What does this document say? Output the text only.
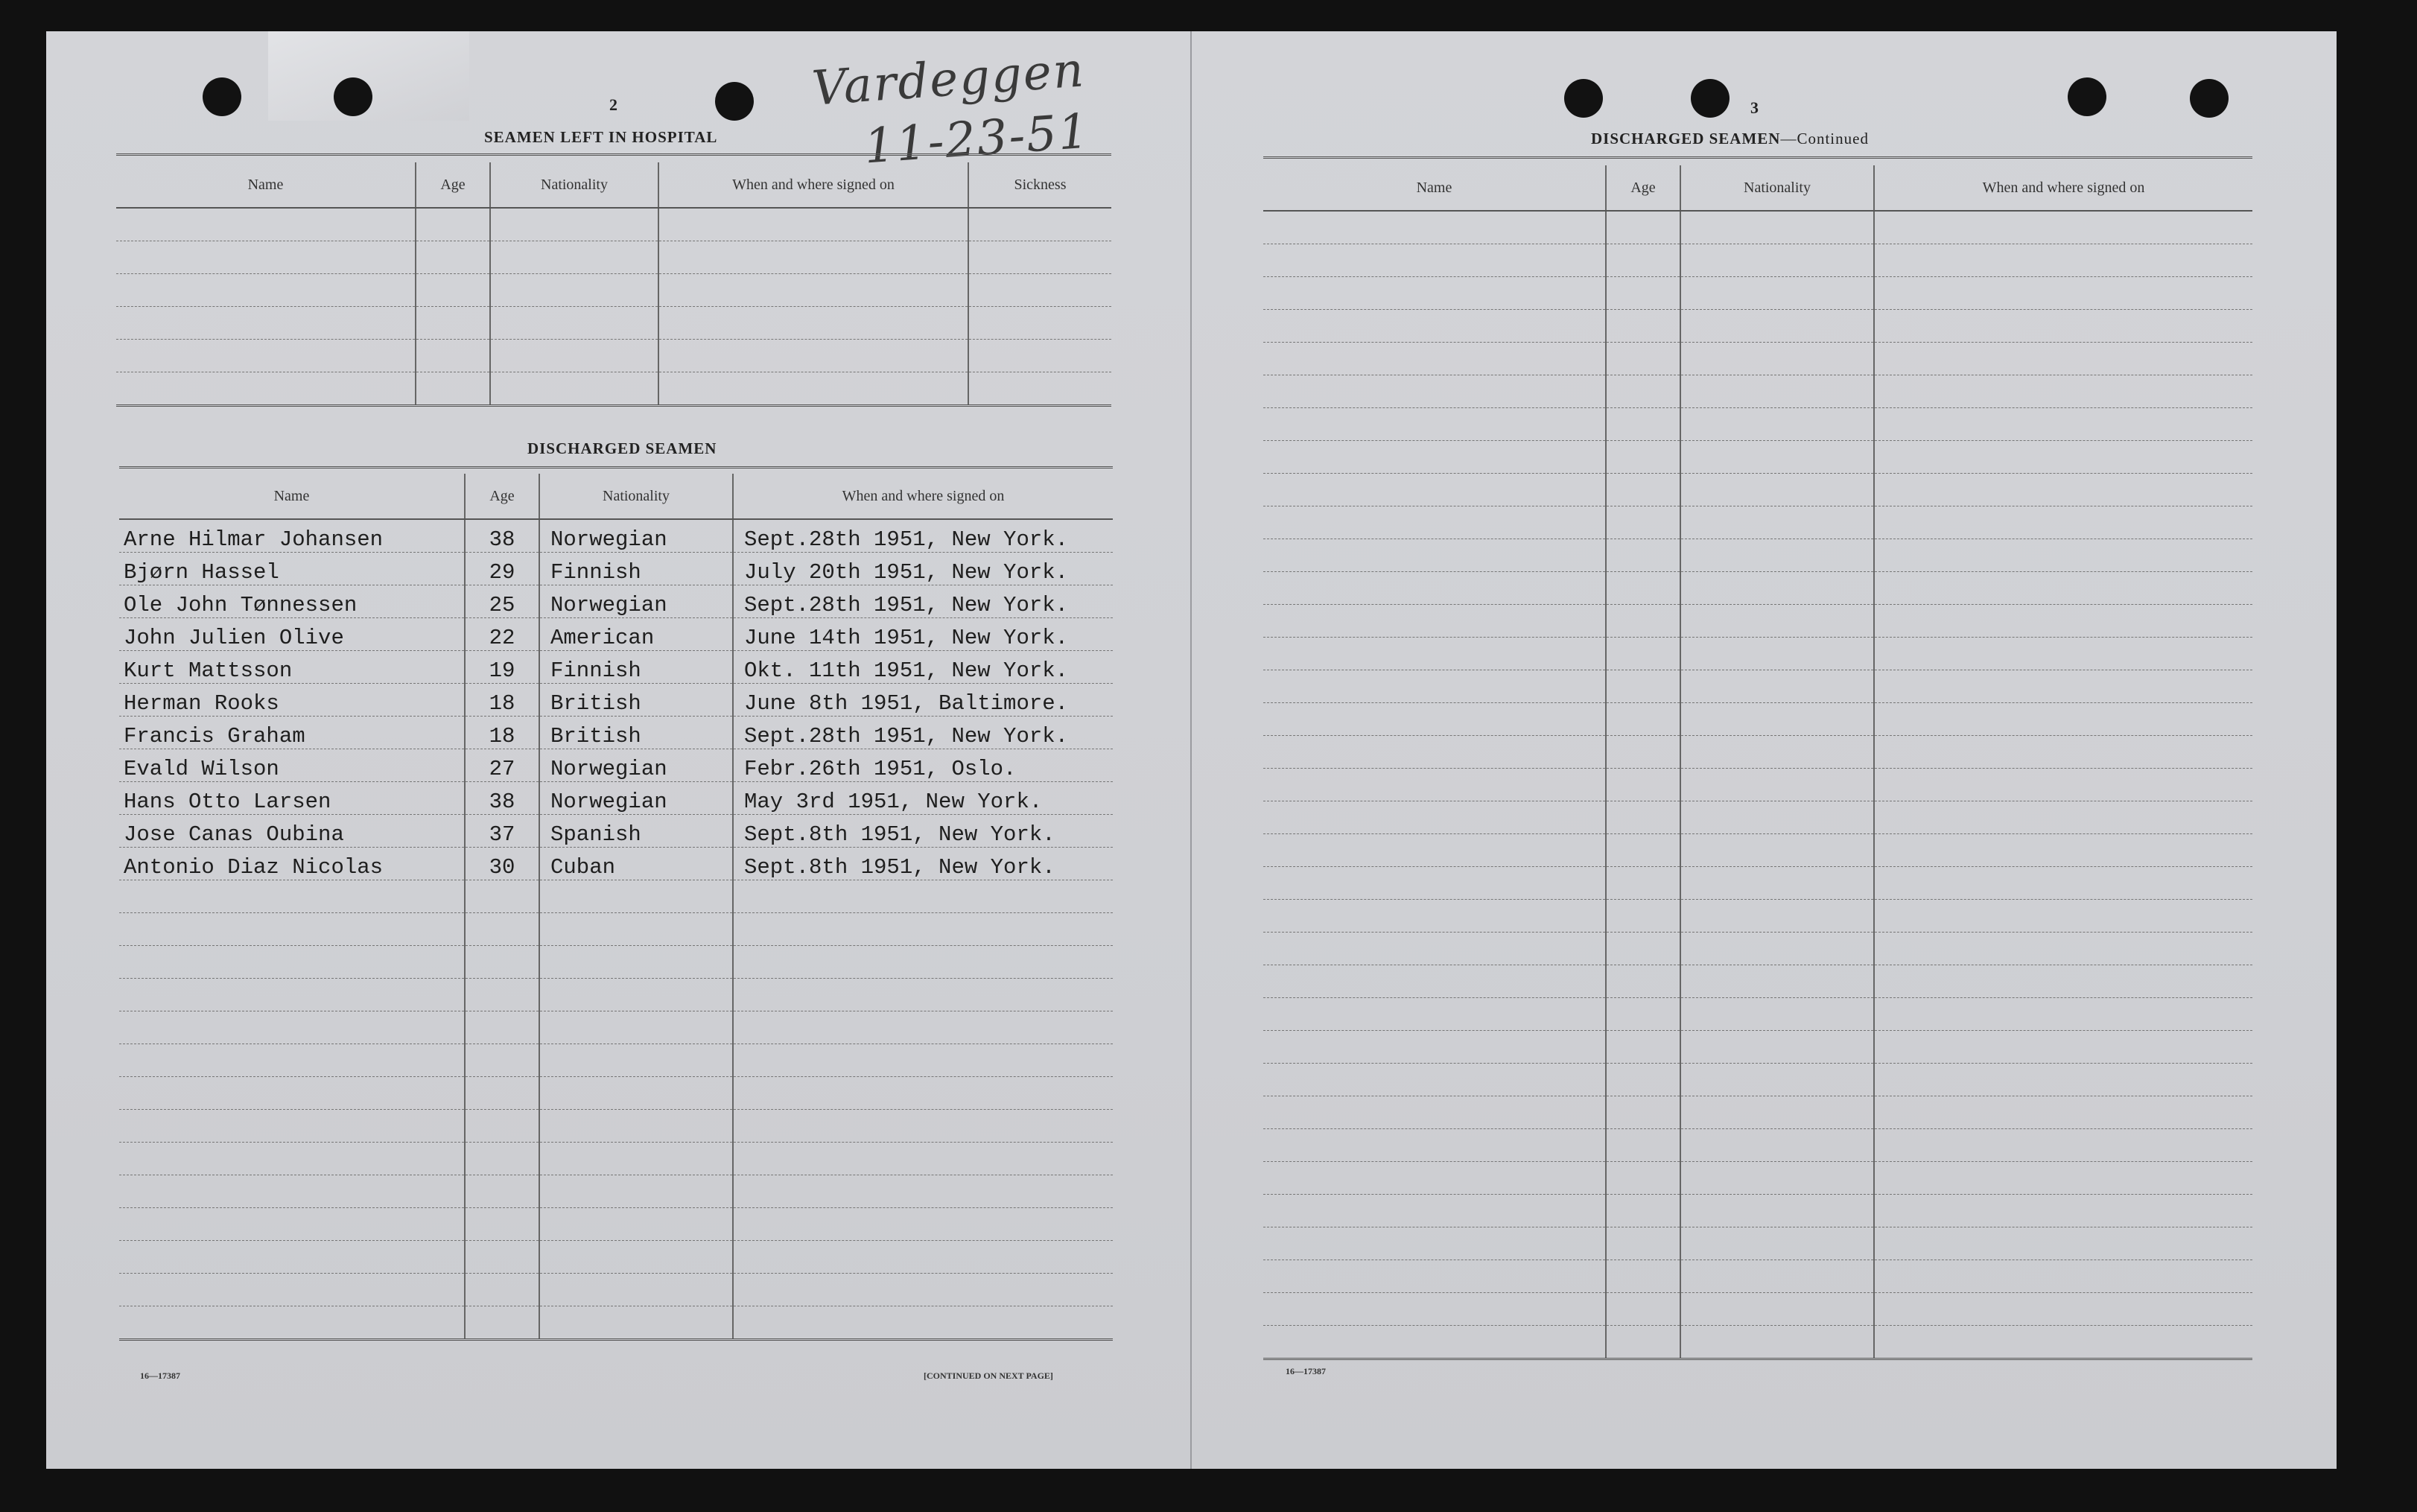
2	Vardeggen
11-23-51
SEAMEN LEFT IN HOSPITAL
Name	Age	Nationality	When and where signed on	Sickness

DISCHARGED SEAMEN
Name	Age	Nationality	When and where signed on
Arne Hilmar Johansen	38	Norwegian	Sept.28th 1951, New York.
Bjørn Hassel	29	Finnish	July 20th 1951, New York.
Ole John Tønnessen	25	Norwegian	Sept.28th 1951, New York.
John Julien Olive	22	American	June 14th 1951, New York.
Kurt Mattsson	19	Finnish	Okt. 11th 1951, New York.
Herman Rooks	18	British	June 8th 1951, Baltimore.
Francis Graham	18	British	Sept.28th 1951, New York.
Evald Wilson	27	Norwegian	Febr.26th 1951, Oslo.
Hans Otto Larsen	38	Norwegian	May 3rd 1951, New York.
Jose Canas Oubina	37	Spanish	Sept.8th 1951, New York.
Antonio Diaz Nicolas	30	Cuban	Sept.8th 1951, New York.

16—17387	[CONTINUED ON NEXT PAGE]
3
DISCHARGED SEAMEN—Continued
Name	Age	Nationality	When and where signed on

16—17387
